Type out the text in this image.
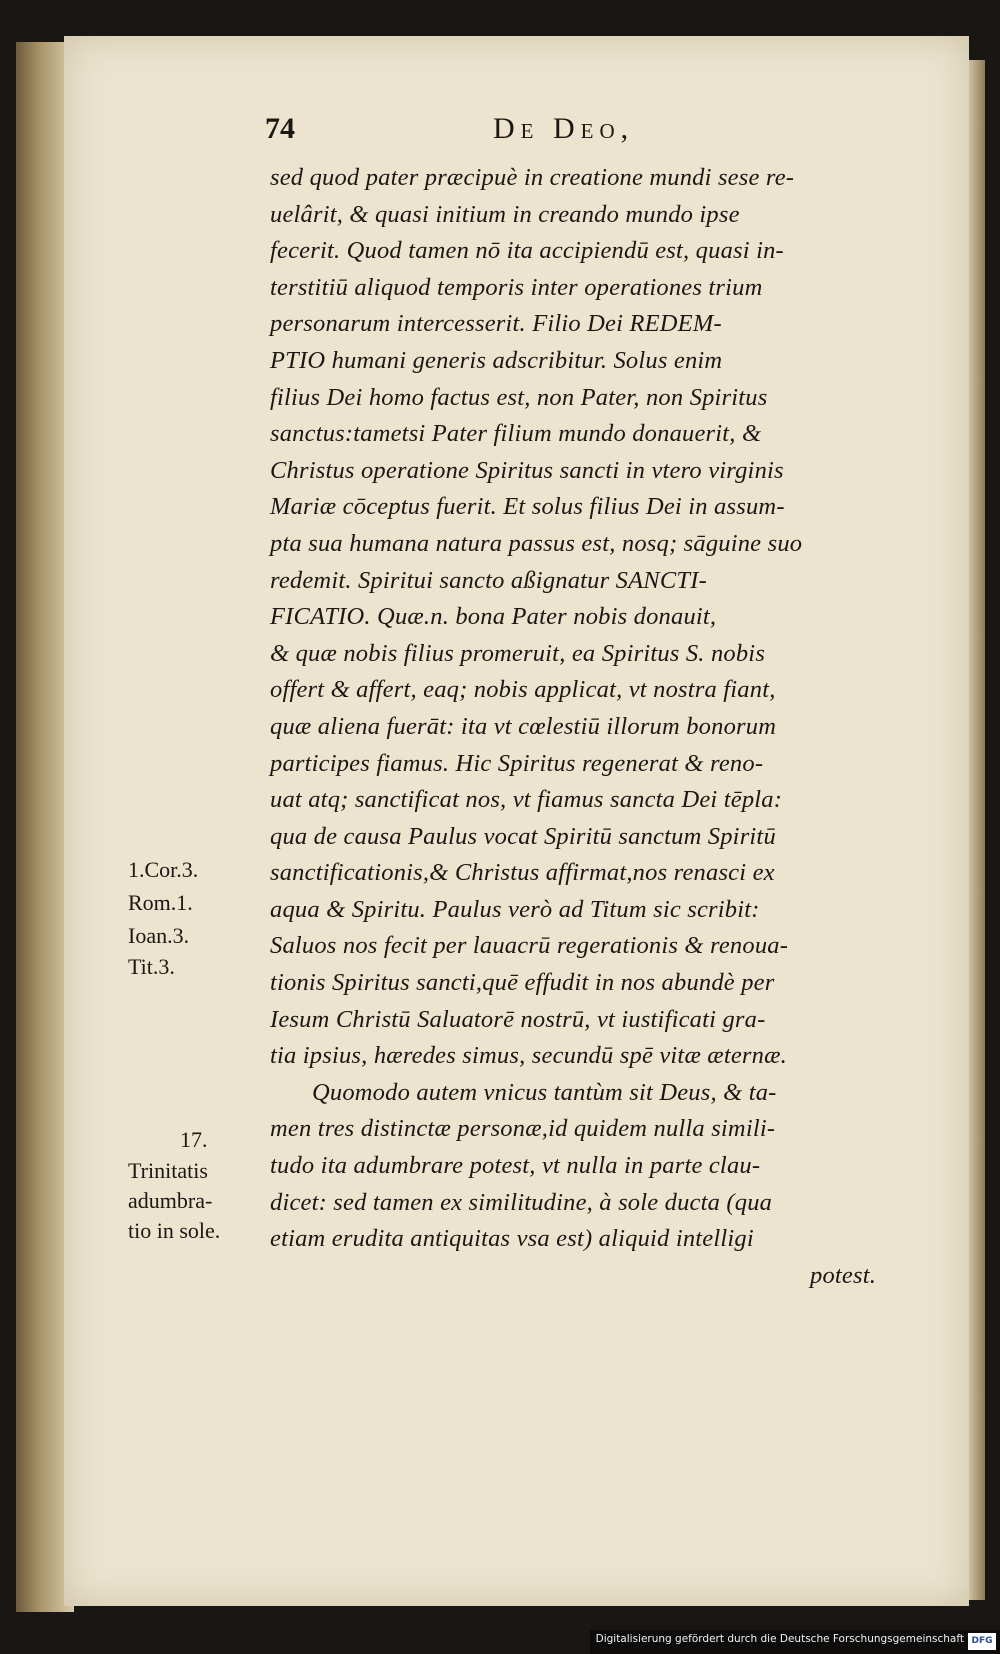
74	De Deo,
sed quod pater præcipuè in creatione mundi sese re-
uelârit, & quasi initium in creando mundo ipse
fecerit. Quod tamen nō ita accipiendū est, quasi in-
terstitiū aliquod temporis inter operationes trium
personarum intercesserit. Filio Dei REDEM-
PTIO humani generis adscribitur. Solus enim
filius Dei homo factus est, non Pater, non Spiritus
sanctus:tametsi Pater filium mundo donauerit, &
Christus operatione Spiritus sancti in vtero virginis
Mariæ cōceptus fuerit. Et solus filius Dei in assum-
pta sua humana natura passus est, nosq; sāguine suo
redemit. Spiritui sancto aßignatur SANCTI-
FICATIO. Quæ.n. bona Pater nobis donauit,
& quæ nobis filius promeruit, ea Spiritus S. nobis
offert & affert, eaq; nobis applicat, vt nostra fiant,
quæ aliena fuerāt: ita vt cœlestiū illorum bonorum
participes fiamus. Hic Spiritus regenerat & reno-
uat atq; sanctificat nos, vt fiamus sancta Dei tēpla:
qua de causa Paulus vocat Spiritū sanctum Spiritū
sanctificationis,& Christus affirmat,nos renasci ex
aqua & Spiritu. Paulus verò ad Titum sic scribit:
Saluos nos fecit per lauacrū regerationis & renoua-
tionis Spiritus sancti,quē effudit in nos abundè per
Iesum Christū Saluatorē nostrū, vt iustificati gra-
tia ipsius, hæredes simus, secundū spē vitæ æternæ.
Quomodo autem vnicus tantùm sit Deus, & ta-
men tres distinctæ personæ,id quidem nulla simili-
tudo ita adumbrare potest, vt nulla in parte clau-
dicet: sed tamen ex similitudine, à sole ducta (qua
etiam erudita antiquitas vsa est) aliquid intelligi
potest.
1.Cor.3.
Rom.1.
Ioan.3.
Tit.3.
17.
Trinitatis
adumbra-
tio in sole.
Digitalisierung gefördert durch die Deutsche Forschungsgemeinschaft DFG
